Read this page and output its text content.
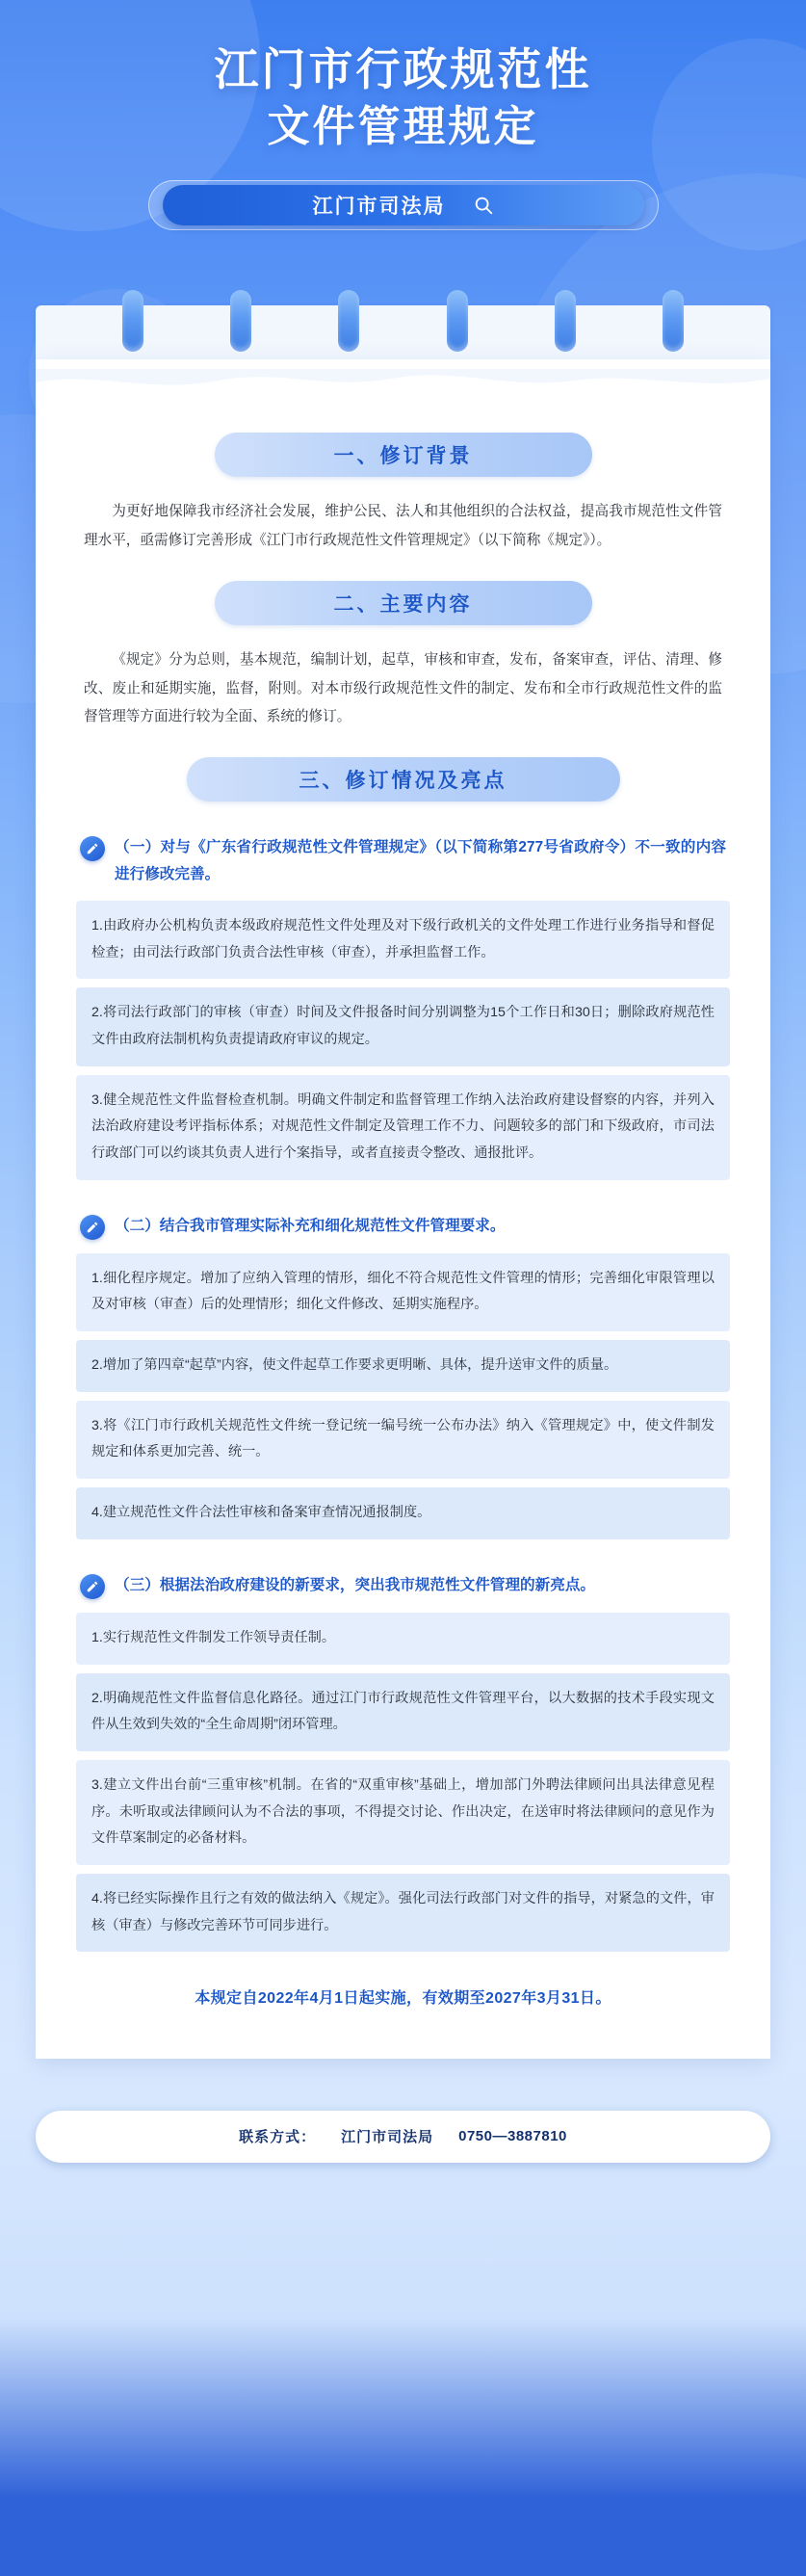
江门市行政规范性
文件管理规定
江门市司法局
一、修订背景

为更好地保障我市经济社会发展，维护公民、法人和其他组织的合法权益，提高我市规范性文件管理水平，亟需修订完善形成《江门市行政规范性文件管理规定》（以下简称《规定》）。

二、主要内容

《规定》分为总则，基本规范，编制计划，起草，审核和审查，发布，备案审查，评估、清理、修改、废止和延期实施，监督，附则。对本市级行政规范性文件的制定、发布和全市行政规范性文件的监督管理等方面进行较为全面、系统的修订。

三、修订情况及亮点
（一）对与《广东省行政规范性文件管理规定》（以下简称第277号省政府令）不一致的内容进行修改完善。
1.由政府办公机构负责本级政府规范性文件处理及对下级行政机关的文件处理工作进行业务指导和督促检查；由司法行政部门负责合法性审核（审查），并承担监督工作。
2.将司法行政部门的审核（审查）时间及文件报备时间分别调整为15个工作日和30日；删除政府规范性文件由政府法制机构负责提请政府审议的规定。
3.健全规范性文件监督检查机制。明确文件制定和监督管理工作纳入法治政府建设督察的内容，并列入法治政府建设考评指标体系；对规范性文件制定及管理工作不力、问题较多的部门和下级政府，市司法行政部门可以约谈其负责人进行个案指导，或者直接责令整改、通报批评。
（二）结合我市管理实际补充和细化规范性文件管理要求。
1.细化程序规定。增加了应纳入管理的情形，细化不符合规范性文件管理的情形；完善细化审限管理以及对审核（审查）后的处理情形；细化文件修改、延期实施程序。
2.增加了第四章“起草”内容，使文件起草工作要求更明晰、具体，提升送审文件的质量。
3.将《江门市行政机关规范性文件统一登记统一编号统一公布办法》纳入《管理规定》中，使文件制发规定和体系更加完善、统一。
4.建立规范性文件合法性审核和备案审查情况通报制度。
（三）根据法治政府建设的新要求，突出我市规范性文件管理的新亮点。
1.实行规范性文件制发工作领导责任制。
2.明确规范性文件监督信息化路径。通过江门市行政规范性文件管理平台，以大数据的技术手段实现文件从生效到失效的“全生命周期”闭环管理。
3.建立文件出台前“三重审核”机制。在省的“双重审核”基础上，增加部门外聘法律顾问出具法律意见程序。未听取或法律顾问认为不合法的事项，不得提交讨论、作出决定，在送审时将法律顾问的意见作为文件草案制定的必备材料。
4.将已经实际操作且行之有效的做法纳入《规定》。强化司法行政部门对文件的指导，对紧急的文件，审核（审查）与修改完善环节可同步进行。
本规定自2022年4月1日起实施，有效期至2027年3月31日。
联系方式： 江门市司法局 0750—3887810
